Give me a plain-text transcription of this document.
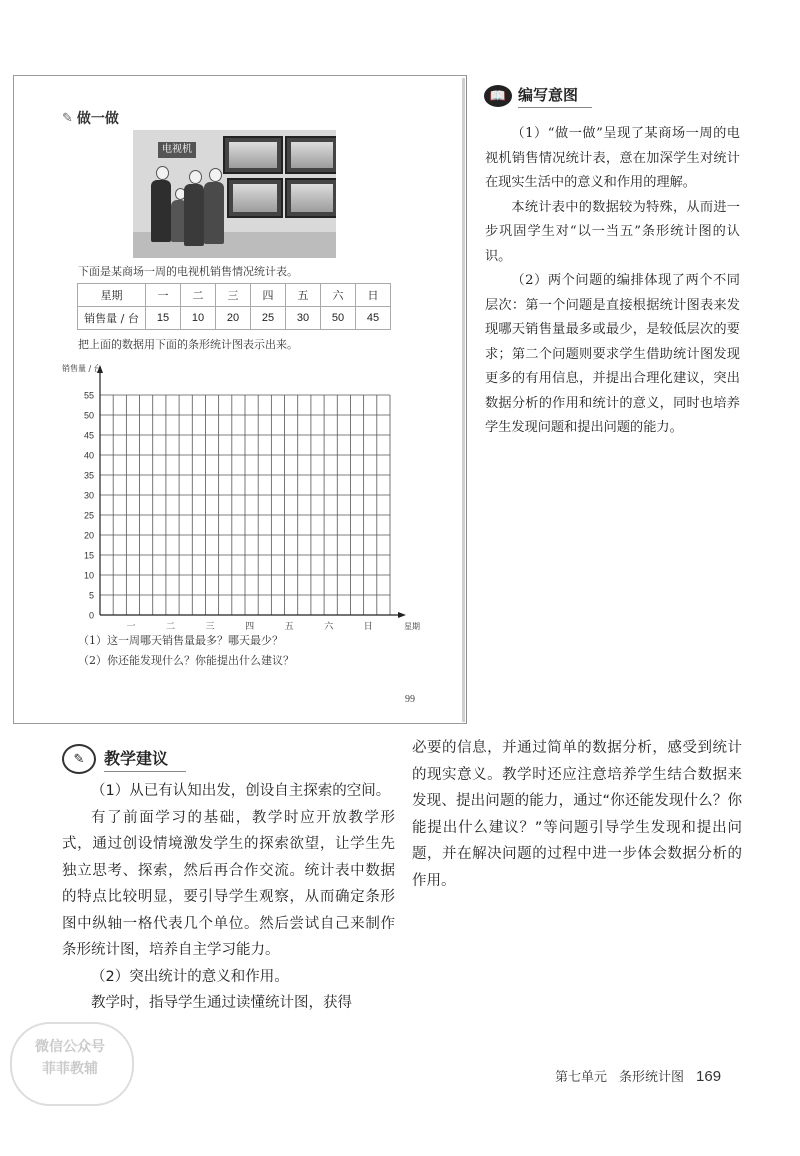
✎ 做一做
电视机
下面是某商场一周的电视机销售情况统计表。
星期	一	二	三	四	五	六	日
销售量 / 台	15	10	20	25	30	50	45
把上面的数据用下面的条形统计图表示出来。
0
5
10
15
20
25
30
35
40
45
50
55
销售量 / 台
一	二	三	四	五	六	日	星期
（1）这一周哪天销售量最多？哪天最少？
（2）你还能发现什么？你能提出什么建议？
99
📖 编写意图

（1）“做一做”呈现了某商场一周的电视机销售情况统计表，意在加深学生对统计在现实生活中的意义和作用的理解。

本统计表中的数据较为特殊，从而进一步巩固学生对“以一当五”条形统计图的认识。

（2）两个问题的编排体现了两个不同层次：第一个问题是直接根据统计图表来发现哪天销售量最多或最少，是较低层次的要求；第二个问题则要求学生借助统计图发现更多的有用信息，并提出合理化建议，突出数据分析的作用和统计的意义，同时也培养学生发现问题和提出问题的能力。

✎	教学建议

（1）从已有认知出发，创设自主探索的空间。

有了前面学习的基础，教学时应开放教学形式，通过创设情境激发学生的探索欲望，让学生先独立思考、探索，然后再合作交流。统计表中数据的特点比较明显，要引导学生观察，从而确定条形图中纵轴一格代表几个单位。然后尝试自己来制作条形统计图，培养自主学习能力。

（2）突出统计的意义和作用。

教学时，指导学生通过读懂统计图，获得

必要的信息，并通过简单的数据分析，感受到统计的现实意义。教学时还应注意培养学生结合数据来发现、提出问题的能力，通过“你还能发现什么？你能提出什么建议？”等问题引导学生发现和提出问题，并在解决问题的过程中进一步体会数据分析的作用。

微信公众号
菲菲教辅
第七单元 条形统计图 169
